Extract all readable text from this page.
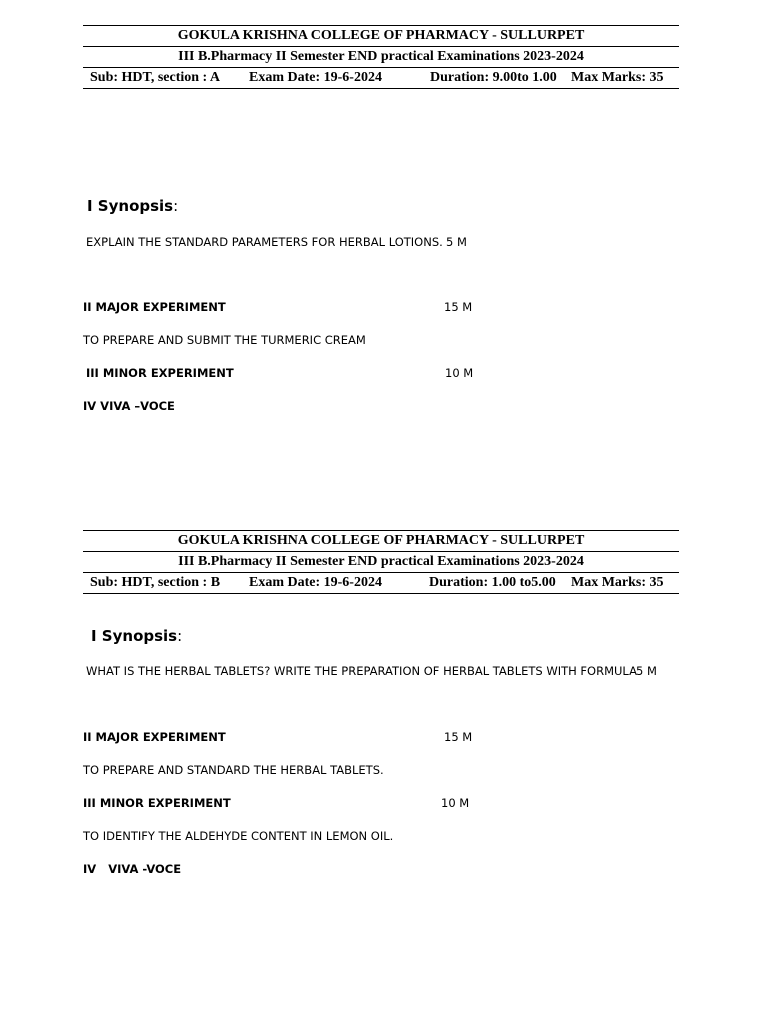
GOKULA KRISHNA COLLEGE OF PHARMACY - SULLURPET
III B.Pharmacy II Semester END practical Examinations 2023-2024
Sub: HDT, section : A Exam Date: 19-6-2024	Duration: 9.00to 1.00 Max Marks: 35
I Synopsis:
EXPLAIN THE STANDARD PARAMETERS FOR HERBAL LOTIONS. 5 M
II MAJOR EXPERIMENT	15 M
TO PREPARE AND SUBMIT THE TURMERIC CREAM
III MINOR EXPERIMENT	10 M
IV VIVA –VOCE
GOKULA KRISHNA COLLEGE OF PHARMACY - SULLURPET
III B.Pharmacy II Semester END practical Examinations 2023-2024
Sub: HDT, section : B Exam Date: 19-6-2024	Duration: 1.00 to5.00 Max Marks: 35
I Synopsis:
WHAT IS THE HERBAL TABLETS? WRITE THE PREPARATION OF HERBAL TABLETS WITH FORMULA 5 M
II MAJOR EXPERIMENT	15 M
TO PREPARE AND STANDARD THE HERBAL TABLETS.
III MINOR EXPERIMENT	10 M
TO IDENTIFY THE ALDEHYDE CONTENT IN LEMON OIL.
IV   VIVA -VOCE
